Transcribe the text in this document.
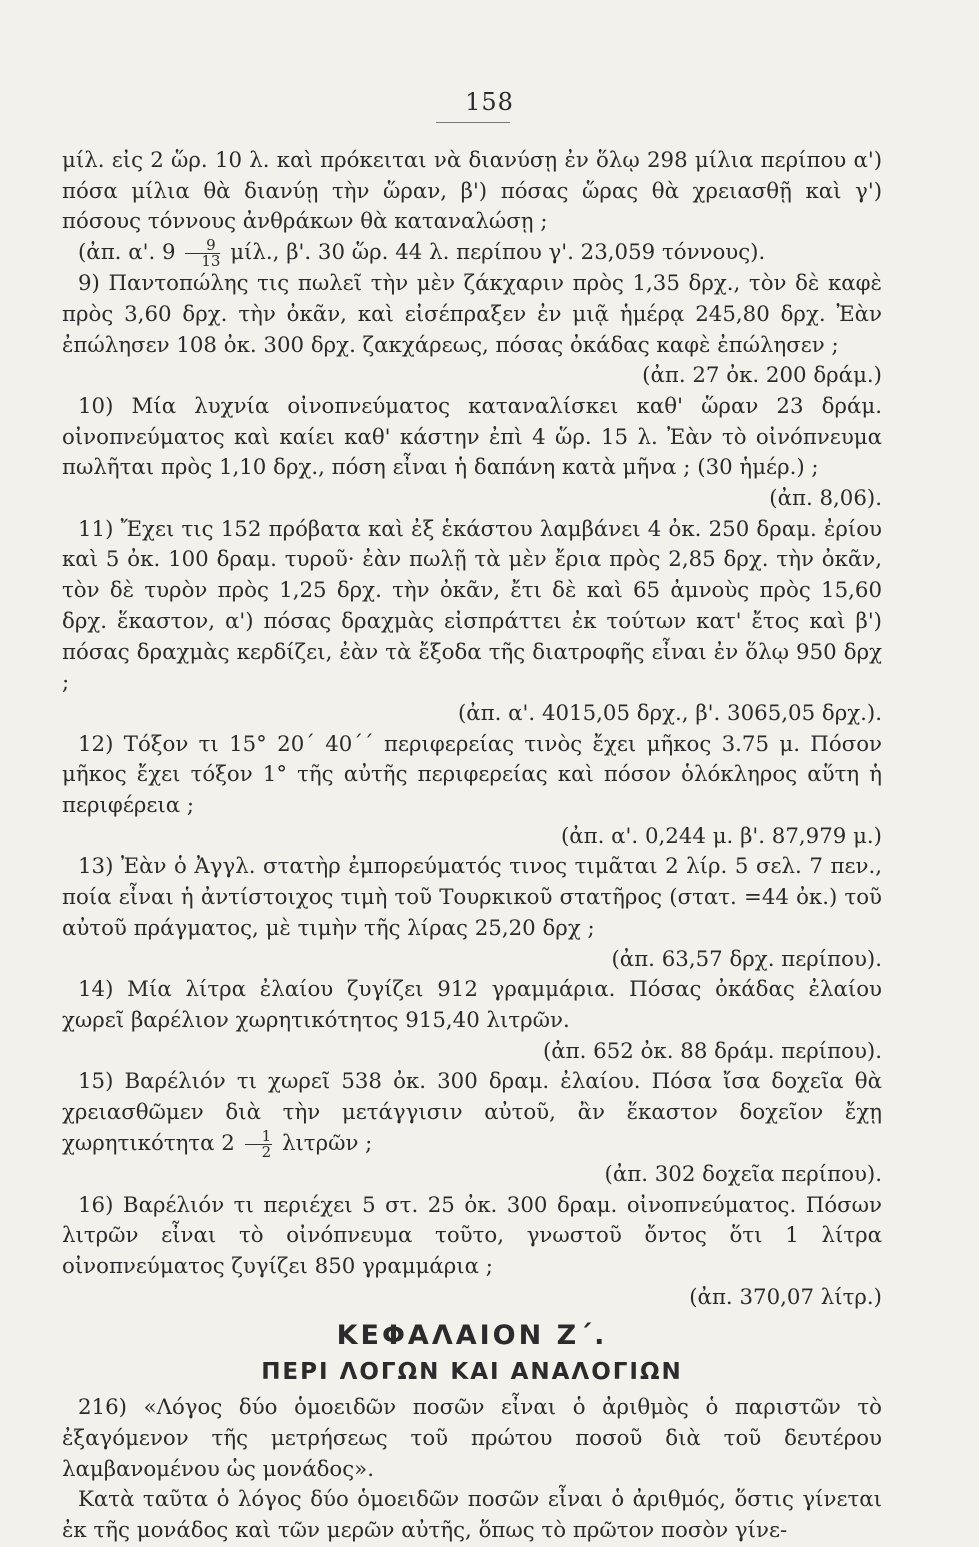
158

μίλ. εἰς 2 ὥρ. 10 λ. καὶ πρόκειται νὰ διανύσῃ ἐν ὅλῳ 298 μίλια περίπου α') πόσα μίλια θὰ διανύῃ τὴν ὥραν, β') πόσας ὥρας θὰ χρειασθῇ καὶ γ') πόσους τόννους ἀνθράκων θὰ καταναλώσῃ ;

(ἀπ. α'. $9 \frac{9}{13} \mu ί\lambda$., β'. 30 ὥρ. 44 λ. περίπου γ'. 23,059 τόννους).

9) Παντοπώλης τις πωλεῖ τὴν μὲν ζάκχαριν πρὸς 1,35 δρχ., τὸν δὲ καφὲ πρὸς 3,60 δρχ. τὴν ὀκᾶν, καὶ εἰσέπραξεν ἐν μιᾷ ἡμέρᾳ 245,80 δρχ. Ἐὰν ἐπώλησεν 108 ὀκ. 300 δρχ. ζακχάρεως, πόσας ὀκάδας καφὲ ἐπώλησεν ;

(ἀπ. 27 ὀκ. 200 δράμ.)

10) Μία λυχνία οἰνοπνεύματος καταναλίσκει καθ' ὥραν 23 δράμ. οἰνοπνεύματος καὶ καίει καθ' κάστην ἐπὶ 4 ὥρ. 15 λ. Ἐὰν τὸ οἰνόπνευμα πωλῆται πρὸς 1,10 δρχ., πόση εἶναι ἡ δαπάνη κατὰ μῆνα ; (30 ἡμέρ.) ;

(ἀπ. 8,06).

11) Ἔχει τις 152 πρόβατα καὶ ἐξ ἑκάστου λαμβάνει 4 ὀκ. 250 δραμ. ἐρίου καὶ 5 ὀκ. 100 δραμ. τυροῦ· ἐὰν πωλῇ τὰ μὲν ἔρια πρὸς 2,85 δρχ. τὴν ὀκᾶν, τὸν δὲ τυρὸν πρὸς 1,25 δρχ. τὴν ὀκᾶν, ἔτι δὲ καὶ 65 ἀμνοὺς πρὸς 15,60 δρχ. ἕκαστον, α') πόσας δραχμὰς εἰσπράττει ἐκ τούτων κατ' ἔτος καὶ β') πόσας δραχμὰς κερδίζει, ἐὰν τὰ ἔξοδα τῆς διατροφῆς εἶναι ἐν ὅλῳ 950 δρχ ;

(ἀπ. α'. 4015,05 δρχ., β'. 3065,05 δρχ.).

12) Τόξον τι 15° 20΄ 40΄΄ περιφερείας τινὸς ἔχει μῆκος 3.75 μ. Πόσον μῆκος ἔχει τόξον 1° τῆς αὐτῆς περιφερείας καὶ πόσον ὁλόκληρος αὕτη ἡ περιφέρεια ;

(ἀπ. α'. 0,244 μ. β'. 87,979 μ.)

13) Ἐὰν ὁ Ἀγγλ. στατὴρ ἐμπορεύματός τινος τιμᾶται 2 λίρ. 5 σελ. 7 πεν., ποία εἶναι ἡ ἀντίστοιχος τιμὴ τοῦ Τουρκικοῦ στατῆρος (στατ. =44 ὀκ.) τοῦ αὐτοῦ πράγματος, μὲ τιμὴν τῆς λίρας 25,20 δρχ ;

(ἀπ. 63,57 δρχ. περίπου).

14) Μία λίτρα ἐλαίου ζυγίζει 912 γραμμάρια. Πόσας ὀκάδας ἐλαίου χωρεῖ βαρέλιον χωρητικότητος 915,40 λιτρῶν.

(ἀπ. 652 ὀκ. 88 δράμ. περίπου).

15) Βαρέλιόν τι χωρεῖ 538 ὀκ. 300 δραμ. ἐλαίου. Πόσα ἴσα δοχεῖα θὰ χρειασθῶμεν διὰ τὴν μετάγγισιν αὐτοῦ, ἂν ἕκαστον δοχεῖον ἔχῃ χωρητικότητα $2 \frac{1}{2}$ λιτρῶν ;

(ἀπ. 302 δοχεῖα περίπου).

16) Βαρέλιόν τι περιέχει 5 στ. 25 ὀκ. 300 δραμ. οἰνοπνεύματος. Πόσων λιτρῶν εἶναι τὸ οἰνόπνευμα τοῦτο, γνωστοῦ ὄντος ὅτι 1 λίτρα οἰνοπνεύματος ζυγίζει 850 γραμμάρια ;

(ἀπ. 370,07 λίτρ.)
ΚΕΦΑΛΑΙΟΝ Ζ΄.
ΠΕΡΙ ΛΟΓΩΝ ΚΑΙ ΑΝΑΛΟΓΙΩΝ

216) «Λόγος δύο ὁμοειδῶν ποσῶν εἶναι ὁ ἀριθμὸς ὁ παριστῶν τὸ ἐξαγόμενον τῆς μετρήσεως τοῦ πρώτου ποσοῦ διὰ τοῦ δευτέρου λαμβανομένου ὡς μονάδος».

Κατὰ ταῦτα ὁ λόγος δύο ὁμοειδῶν ποσῶν εἶναι ὁ ἀριθμός, ὅστις γίνεται ἐκ τῆς μονάδος καὶ τῶν μερῶν αὐτῆς, ὅπως τὸ πρῶτον ποσὸν γίνε-
